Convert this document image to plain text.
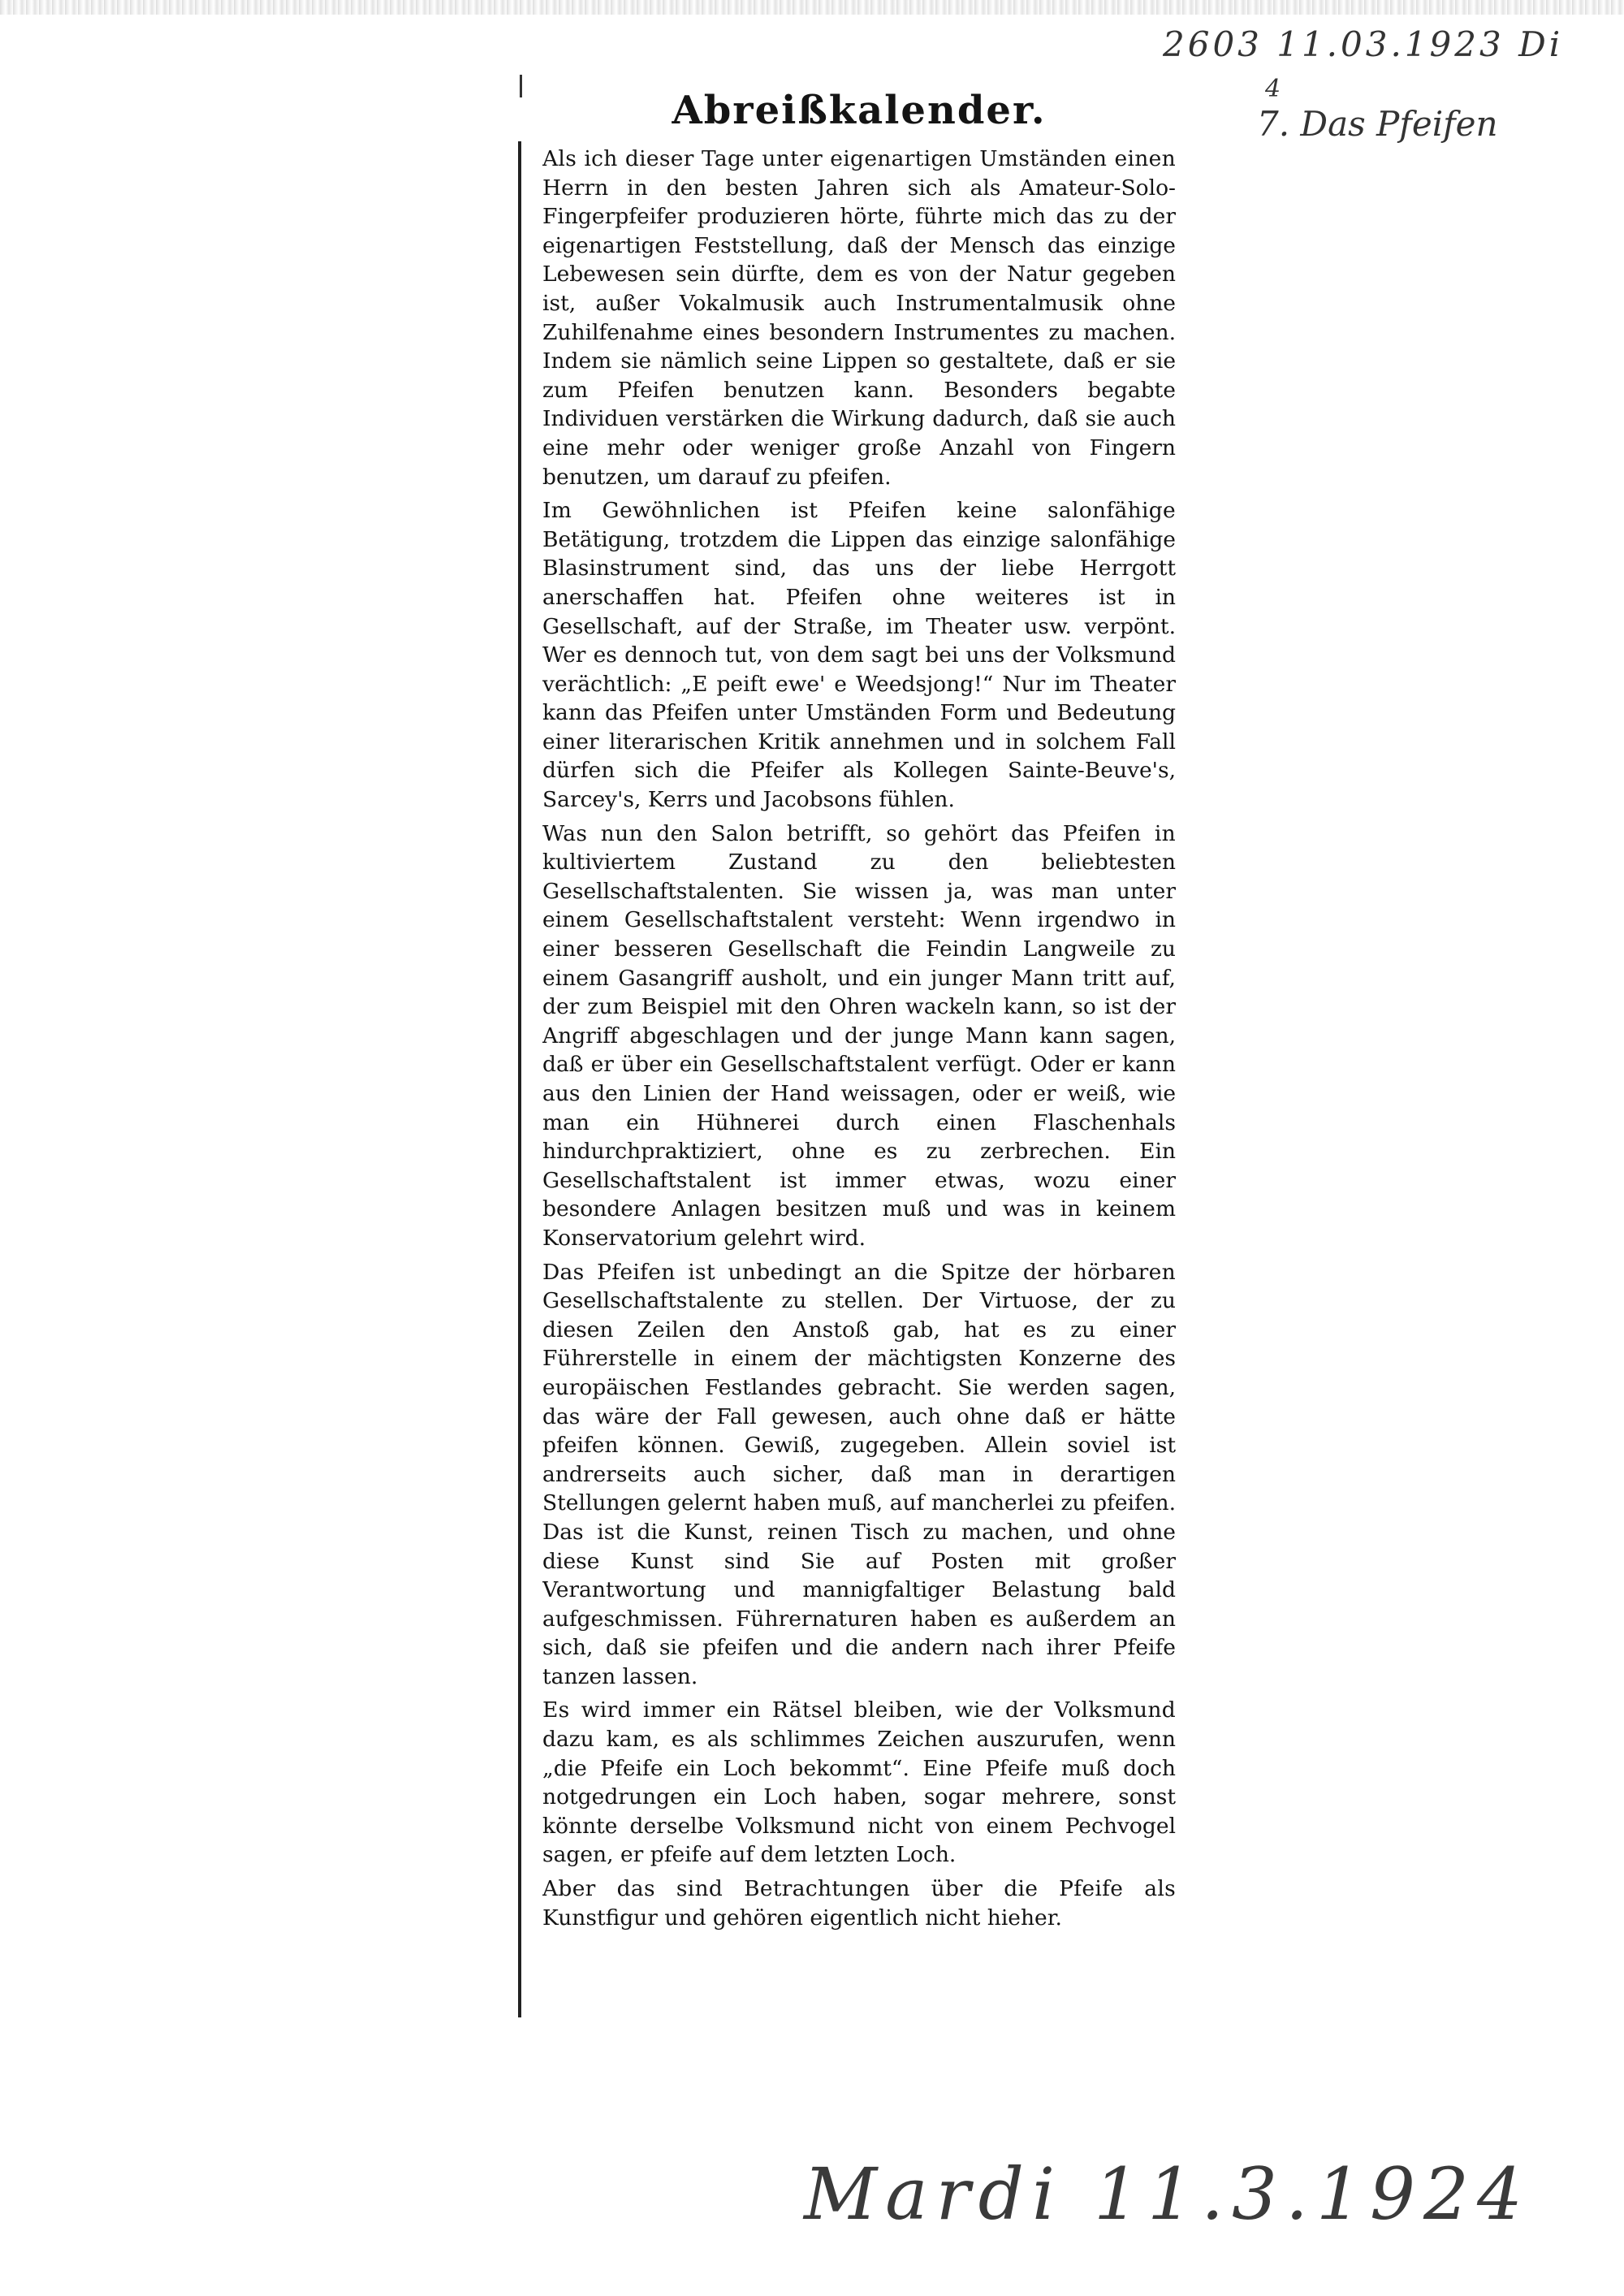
2603 11.03.1923 Di
4
7. Das Pfeifen
Abreißkalender.

Als ich dieser Tage unter eigenartigen Umständen einen Herrn in den besten Jahren sich als Amateur-Solo-Fingerpfeifer produzieren hörte, führte mich das zu der eigenartigen Feststellung, daß der Mensch das einzige Lebewesen sein dürfte, dem es von der Natur gegeben ist, außer Vokalmusik auch Instrumentalmusik ohne Zuhilfenahme eines besondern Instrumentes zu machen. Indem sie nämlich seine Lippen so gestaltete, daß er sie zum Pfeifen benutzen kann. Besonders begabte Individuen verstärken die Wirkung dadurch, daß sie auch eine mehr oder weniger große Anzahl von Fingern benutzen, um darauf zu pfeifen.

Im Gewöhnlichen ist Pfeifen keine salonfähige Betätigung, trotzdem die Lippen das einzige salonfähige Blasinstrument sind, das uns der liebe Herrgott anerschaffen hat. Pfeifen ohne weiteres ist in Gesellschaft, auf der Straße, im Theater usw. verpönt. Wer es dennoch tut, von dem sagt bei uns der Volksmund verächtlich: „E peift ewe' e Weedsjong!“ Nur im Theater kann das Pfeifen unter Umständen Form und Bedeutung einer literarischen Kritik annehmen und in solchem Fall dürfen sich die Pfeifer als Kollegen Sainte-Beuve's, Sarcey's, Kerrs und Jacobsons fühlen.

Was nun den Salon betrifft, so gehört das Pfeifen in kultiviertem Zustand zu den beliebtesten Gesellschaftstalenten. Sie wissen ja, was man unter einem Gesellschaftstalent versteht: Wenn irgendwo in einer besseren Gesellschaft die Feindin Langweile zu einem Gasangriff ausholt, und ein junger Mann tritt auf, der zum Beispiel mit den Ohren wackeln kann, so ist der Angriff abgeschlagen und der junge Mann kann sagen, daß er über ein Gesellschaftstalent verfügt. Oder er kann aus den Linien der Hand weissagen, oder er weiß, wie man ein Hühnerei durch einen Flaschenhals hindurchpraktiziert, ohne es zu zerbrechen. Ein Gesellschaftstalent ist immer etwas, wozu einer besondere Anlagen besitzen muß und was in keinem Konservatorium gelehrt wird.

Das Pfeifen ist unbedingt an die Spitze der hörbaren Gesellschaftstalente zu stellen. Der Virtuose, der zu diesen Zeilen den Anstoß gab, hat es zu einer Führerstelle in einem der mächtigsten Konzerne des europäischen Festlandes gebracht. Sie werden sagen, das wäre der Fall gewesen, auch ohne daß er hätte pfeifen können. Gewiß, zugegeben. Allein soviel ist andrerseits auch sicher, daß man in derartigen Stellungen gelernt haben muß, auf mancherlei zu pfeifen. Das ist die Kunst, reinen Tisch zu machen, und ohne diese Kunst sind Sie auf Posten mit großer Verantwortung und mannigfaltiger Belastung bald aufgeschmissen. Führernaturen haben es außerdem an sich, daß sie pfeifen und die andern nach ihrer Pfeife tanzen lassen.

Es wird immer ein Rätsel bleiben, wie der Volksmund dazu kam, es als schlimmes Zeichen auszurufen, wenn „die Pfeife ein Loch bekommt“. Eine Pfeife muß doch notgedrungen ein Loch haben, sogar mehrere, sonst könnte derselbe Volksmund nicht von einem Pechvogel sagen, er pfeife auf dem letzten Loch.

Aber das sind Betrachtungen über die Pfeife als Kunstfigur und gehören eigentlich nicht hieher.

Mardi 11.3.1924
